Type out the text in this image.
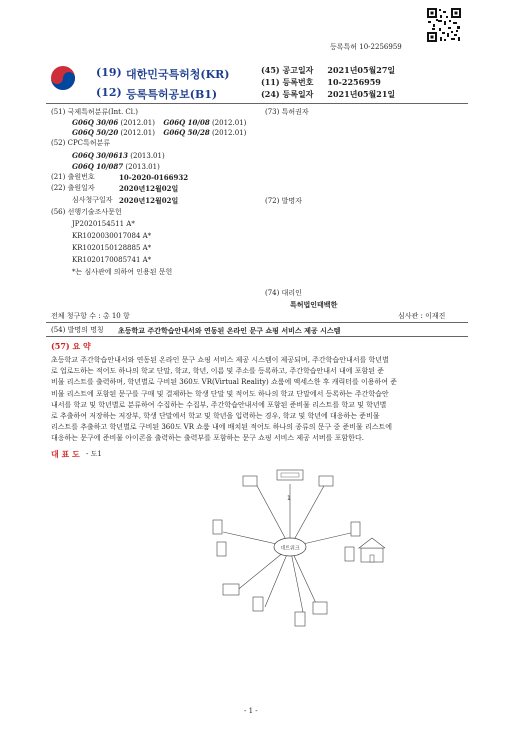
등록특허 10-2256959
(19) 대한민국특허청(KR)
(12) 등록특허공보(B1)
(45) 공고일자 2021년05월27일
(11) 등록번호 10-2256959
(24) 등록일자 2021년05월21일
(51) 국제특허분류(Int. Cl.)
G06Q 30/06 (2012.01) G06Q 10/08 (2012.01)
G06Q 50/20 (2012.01) G06Q 50/28 (2012.01)
(52) CPC특허분류
G06Q 30/0613 (2013.01)
G06Q 10/087 (2013.01)
(21) 출원번호	10-2020-0166932
(22) 출원일자	2020년12월02일
심사청구일자 2020년12월02일
(56) 선행기술조사문헌
JP2020154511 A*
KR1020030017084 A*
KR1020150128885 A*
KR1020170085741 A*
*는 심사관에 의하여 인용된 문헌
(73) 특허권자
(72) 발명자
(74) 대리인
특허법인태백한
전체 청구항 수 : 총 10 항	심사관 : 이재진
(54) 발명의 명칭 초등학교 주간학습안내서와 연동된 온라인 문구 쇼핑 서비스 제공 시스템
(57) 요 약
초등학교 주간학습안내서와 연동된 온라인 문구 쇼핑 서비스 제공 시스템이 제공되며, 주간학습안내서를 학년별
로 업로드하는 적어도 하나의 학교 단말, 학교, 학년, 이름 및 주소를 등록하고, 주간학습안내서 내에 포함된 준
비물 리스트를 출력하며, 학년별로 구비된 360도 VR(Virtual Reality) 쇼룸에 액세스한 후 캐릭터를 이용하여 준
비물 리스트에 포함된 문구를 구매 및 결제하는 학생 단말 및 적어도 하나의 학교 단말에서 등록하는 주간학습안
내서를 학교 및 학년별로 분류하여 수집하는 수집부, 주간학습안내서에 포함된 준비물 리스트를 학교 및 학년별
로 추출하여 저장하는 저장부, 학생 단말에서 학교 및 학년을 입력하는 경우, 학교 및 학년에 대응하는 준비물
리스트를 추출하고 학년별로 구비된 360도 VR 쇼룸 내에 배치된 적어도 하나의 종류의 문구 중 준비물 리스트에
대응하는 문구에 준비물 아이콘을 출력하는 출력부를 포함하는 문구 쇼핑 서비스 제공 서버를 포함한다.
대 표 도 - 도1
네트워크
1
- 1 -
